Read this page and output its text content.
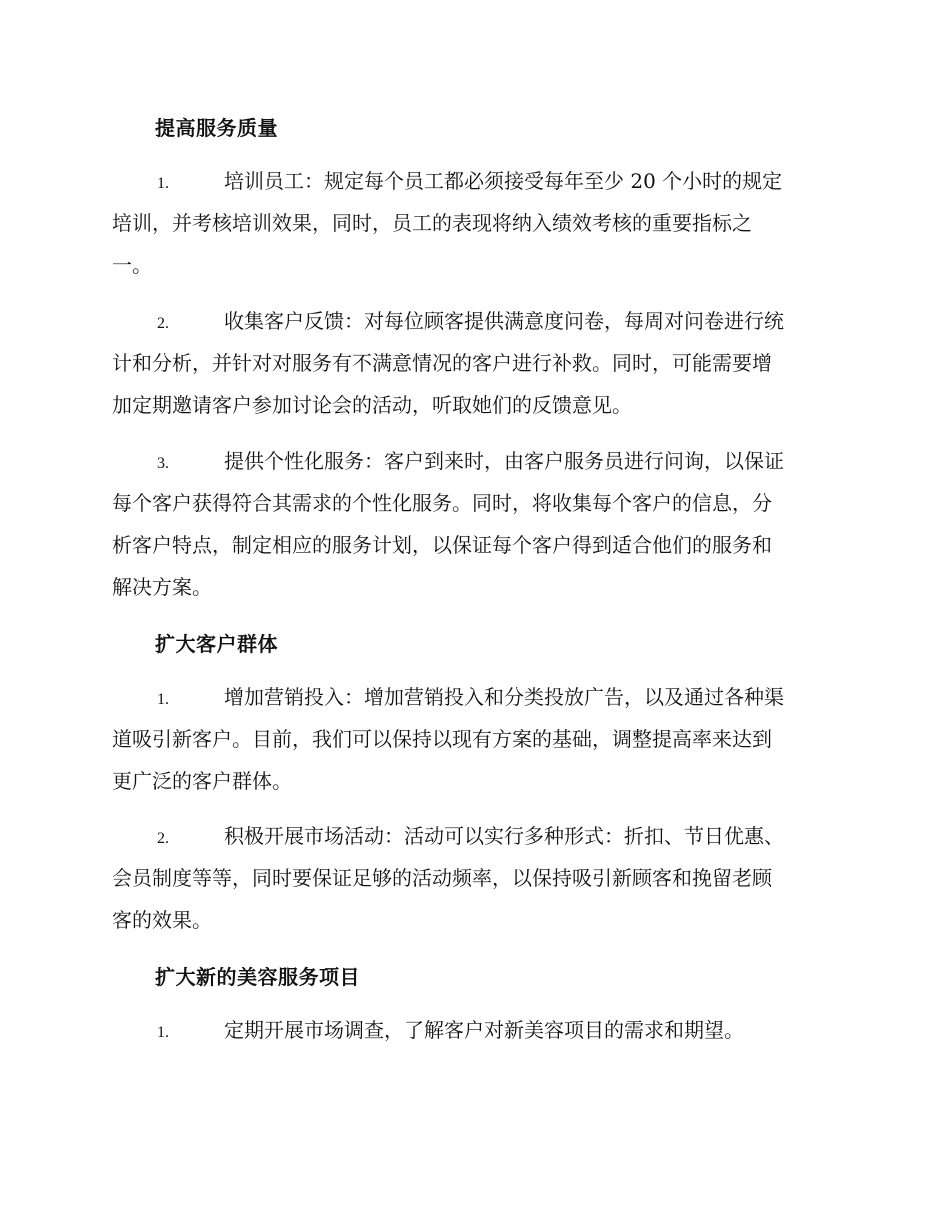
提高服务质量
1.	培训员工：规定每个员工都必须接受每年至少 20 个小时的规定
培训，并考核培训效果，同时，员工的表现将纳入绩效考核的重要指标之
一。
2.	收集客户反馈：对每位顾客提供满意度问卷，每周对问卷进行统
计和分析，并针对对服务有不满意情况的客户进行补救。同时，可能需要增
加定期邀请客户参加讨论会的活动，听取她们的反馈意见。
3.	提供个性化服务：客户到来时，由客户服务员进行问询，以保证
每个客户获得符合其需求的个性化服务。同时，将收集每个客户的信息，分
析客户特点，制定相应的服务计划，以保证每个客户得到适合他们的服务和
解决方案。
扩大客户群体
1.	增加营销投入：增加营销投入和分类投放广告，以及通过各种渠
道吸引新客户。目前，我们可以保持以现有方案的基础，调整提高率来达到
更广泛的客户群体。
2.	积极开展市场活动：活动可以实行多种形式：折扣、节日优惠、
会员制度等等，同时要保证足够的活动频率，以保持吸引新顾客和挽留老顾
客的效果。
扩大新的美容服务项目
1.	定期开展市场调查，了解客户对新美容项目的需求和期望。
